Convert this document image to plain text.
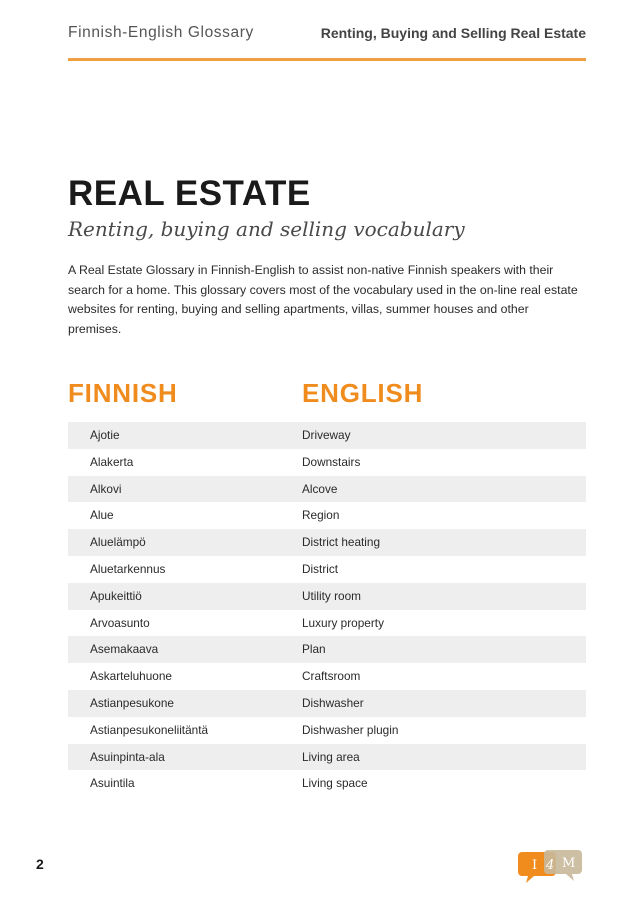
Finnish-English Glossary	Renting, Buying and Selling Real Estate
REAL ESTATE
Renting, buying and selling vocabulary
A Real Estate Glossary in Finnish-English to assist non-native Finnish speakers with their search for a home. This glossary covers most of the vocabulary used in the on-line real estate websites for renting, buying and selling apartments, villas, summer houses and other premises.
FINNISH	ENGLISH
Ajotie	Driveway
Alakerta	Downstairs
Alkovi	Alcove
Alue	Region
Aluelämpö	District heating
Aluetarkennus	District
Apukeittiö	Utility room
Arvoasunto	Luxury property
Asemakaava	Plan
Askarteluhuone	Craftsroom
Astianpesukone	Dishwasher
Astianpesukoneliitäntä	Dishwasher plugin
Asuinpinta-ala	Living area
Asuintila	Living space
2	I 4 M
